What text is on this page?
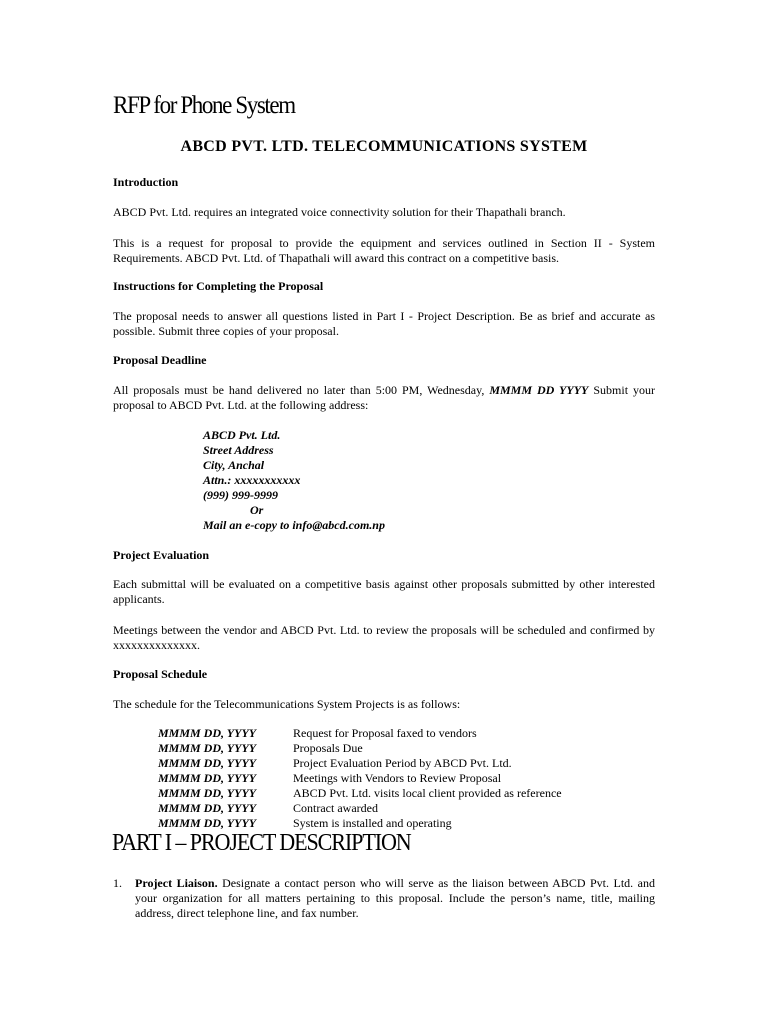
RFP for Phone System
ABCD PVT. LTD. TELECOMMUNICATIONS SYSTEM
Introduction
ABCD Pvt. Ltd. requires an integrated voice connectivity solution for their Thapathali branch.
This is a request for proposal to provide the equipment and services outlined in Section II - System Requirements. ABCD Pvt. Ltd. of Thapathali will award this contract on a competitive basis.
Instructions for Completing the Proposal
The proposal needs to answer all questions listed in Part I - Project Description. Be as brief and accurate as possible. Submit three copies of your proposal.
Proposal Deadline
All proposals must be hand delivered no later than 5:00 PM, Wednesday, MMMM DD YYYY Submit your proposal to ABCD Pvt. Ltd. at the following address:
ABCD Pvt. Ltd.
Street Address
City, Anchal
Attn.: xxxxxxxxxxx
(999) 999-9999
Or
Mail an e-copy to info@abcd.com.np
Project Evaluation
Each submittal will be evaluated on a competitive basis against other proposals submitted by other interested applicants.
Meetings between the vendor and ABCD Pvt. Ltd. to review the proposals will be scheduled and confirmed by xxxxxxxxxxxxxx.
Proposal Schedule
The schedule for the Telecommunications System Projects is as follows:
MMMM DD, YYYY	Request for Proposal faxed to vendors
MMMM DD, YYYY	Proposals Due
MMMM DD, YYYY	Project Evaluation Period by ABCD Pvt. Ltd.
MMMM DD, YYYY	Meetings with Vendors to Review Proposal
MMMM DD, YYYY	ABCD Pvt. Ltd. visits local client provided as reference
MMMM DD, YYYY	Contract awarded
MMMM DD, YYYY	System is installed and operating
PART I – PROJECT DESCRIPTION
1. Project Liaison. Designate a contact person who will serve as the liaison between ABCD Pvt. Ltd. and your organization for all matters pertaining to this proposal. Include the person’s name, title, mailing address, direct telephone line, and fax number.
